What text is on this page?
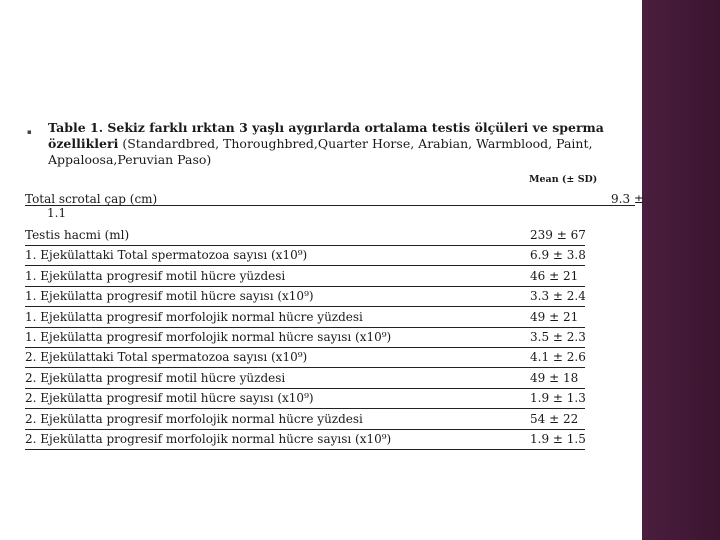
▪ Table 1. Sekiz farklı ırktan 3 yaşlı aygırlarda ortalama testis ölçüleri ve sperma özellikleri (Standardbred, Thoroughbred,Quarter Horse, Arabian, Warmblood, Paint, Appaloosa,Peruvian Paso)
Mean (± SD)
Total scrotal çap (cm)	9.3 ±
1.1
Testis hacmi (ml)	239 ± 67
1. Ejekülattaki Total spermatozoa sayısı (x10⁹)	6.9 ± 3.8
1. Ejekülatta progresif motil hücre yüzdesi	46 ± 21
1. Ejekülatta progresif motil hücre sayısı (x10⁹)	3.3 ± 2.4
1. Ejekülatta progresif morfolojik normal hücre yüzdesi	49 ± 21
1. Ejekülatta progresif morfolojik normal hücre sayısı (x10⁹)	3.5 ± 2.3
2. Ejekülattaki Total spermatozoa sayısı (x10⁹)	4.1 ± 2.6
2. Ejekülatta progresif motil hücre yüzdesi	49 ± 18
2. Ejekülatta progresif motil hücre sayısı (x10⁹)	1.9 ± 1.3
2. Ejekülatta progresif morfolojik normal hücre yüzdesi	54 ± 22
2. Ejekülatta progresif morfolojik normal hücre sayısı (x10⁹)	1.9 ± 1.5
